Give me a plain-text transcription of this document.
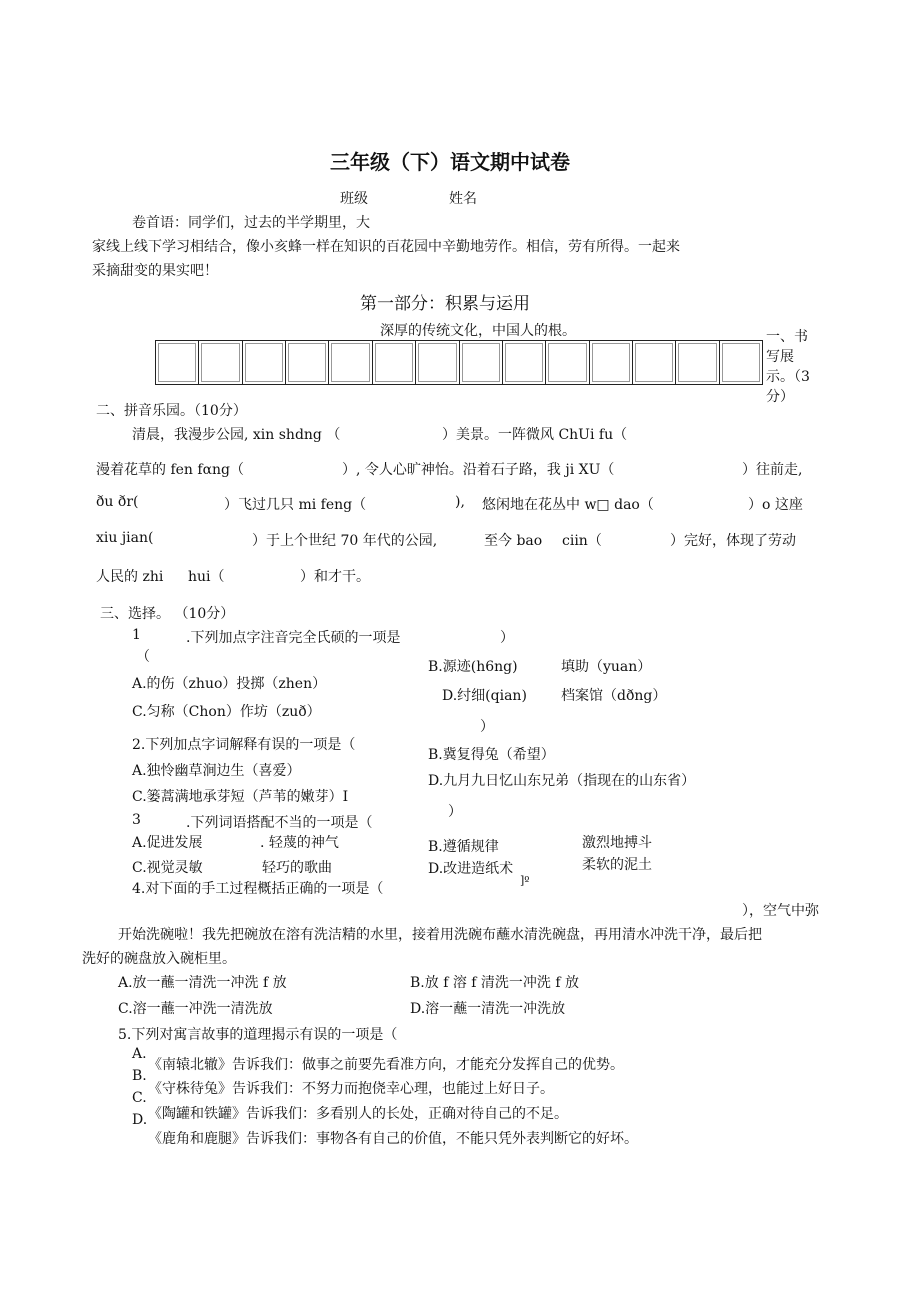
三年级（下）语文期中试卷
班级	姓名
卷首语：同学们，过去的半学期里，大
家线上线下学习相结合，像小亥蜂一样在知识的百花园中辛勤地劳作。相信，劳有所得。一起来
采摘甜变的果实吧！
第一部分：积累与运用
深厚的传统文化，中国人的根。	一、书
写展
示。（3
分）
二、拼音乐园。（10分）
清晨，我漫步公园, xin shdng （	）美景。一阵微风 ChUi fu（
漫着花草的 fen fαng（	）, 令人心旷神怡。沿着石子路，我 ji XU（	）往前走,
ðu ðr(	）飞过几只 mi feng（	), 悠闲地在花丛中 w□ dao（	）o 这座
xiu jian(	）于上个世纪 70 年代的公园,	至今 bao ciin（	）完好，体现了劳动
人民的 zhi hui（	）和才干。
三、选择。 （10分）
1	.下列加点字注音完全氏硕的一项是	）
（
A.的伤（zhuo）投掷（zhen）
B.源迹(h6ng)	填助（yuan）
C.匀称（Chon）作坊（zuð）
D.纣细(qian) 档案馆（dðng）
）
2.下列加点字词解释有误的一项是（
A.独怜幽草涧边生（喜爱）
B.冀复得兔（希望）
C.篓蒿满地承芽短（芦苇的嫩芽）I
D.九月九日忆山东兄弟（指现在的山东省）
）
3	.下列词语搭配不当的一项是（
A.促进发展	. 轻蔑的神气	B.遵循规律	激烈地搏斗
C.视觉灵敏	轻巧的歌曲	D.改进造纸术	柔软的泥土
]º
4.对下面的手工过程概括正确的一项是（
），空气中弥
开始洗碗啦！我先把碗放在溶有洗洁精的水里，接着用洗碗布蘸水清洗碗盘，再用清水冲洗干净，最后把
洗好的碗盘放入碗柜里。
A.放一蘸一清洗一冲洗 f 放	B.放 f 溶 f 清洗一冲洗 f 放
C.溶一蘸一冲洗一清洗放	D.溶一蘸一清洗一冲洗放
5.下列对寓言故事的道理揭示有误的一项是（
A.
B.
C.
D.
《南辕北辙》告诉我们：做事之前要先看准方向，才能充分发挥自己的优势。
《守株待兔》告诉我们：不努力而抱侥幸心理，也能过上好日子。
《陶罐和铁罐》告诉我们：多看别人的长处，正确对待自己的不足。
《鹿角和鹿腿》告诉我们：事物各有自己的价值，不能只凭外表判断它的好坏。
